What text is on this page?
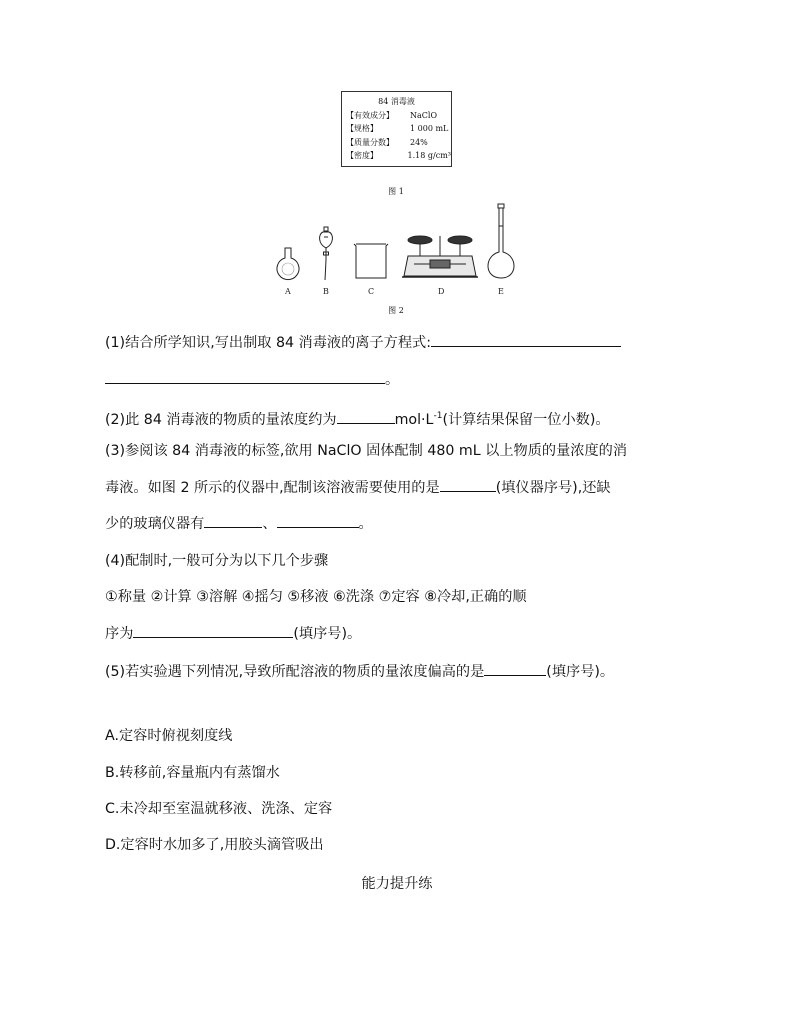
84 消毒液
【有效成分】	NaClO
【规格】	1 000 mL
【质量分数】	24%
【密度】	1.18 g/cm³
图 1
A	B	C	D	E
图 2
(1)结合所学知识,写出制取 84 消毒液的离子方程式:
。
(2)此 84 消毒液的物质的量浓度约为	$mol\cdot L^{-1}$(计算结果保留一位小数)。
(3)参阅该 84 消毒液的标签,欲用 NaClO 固体配制 480 mL 以上物质的量浓度的消
毒液。如图 2 所示的仪器中,配制该溶液需要使用的是	(填仪器序号),还缺
少的玻璃仪器有	、	。
(4)配制时,一般可分为以下几个步骤
①称量 ②计算 ③溶解 ④摇匀 ⑤移液 ⑥洗涤 ⑦定容 ⑧冷却,正确的顺
序为	(填序号)。
(5)若实验遇下列情况,导致所配溶液的物质的量浓度偏高的是	(填序号)。
A.定容时俯视刻度线
B.转移前,容量瓶内有蒸馏水
C.未冷却至室温就移液、洗涤、定容
D.定容时水加多了,用胶头滴管吸出
能力提升练
